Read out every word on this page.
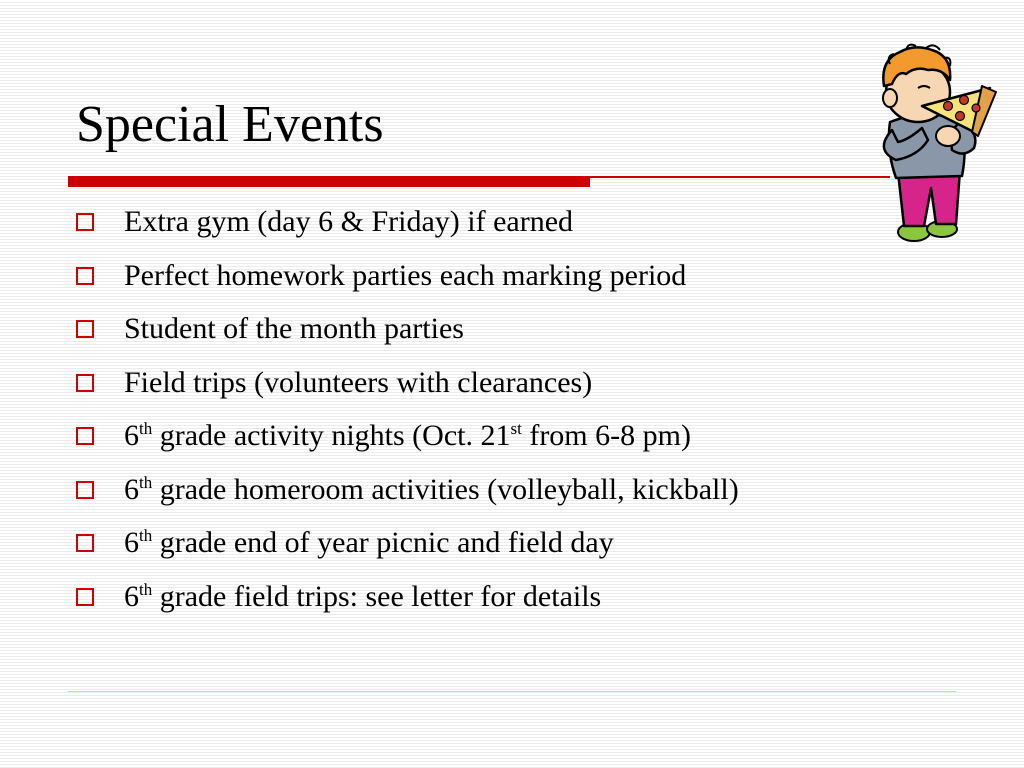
Special Events
Extra gym (day 6 & Friday) if earned
Perfect homework parties each marking period
Student of the month parties
Field trips (volunteers with clearances)
6th grade activity nights (Oct. 21st from 6-8 pm)
6th grade homeroom activities (volleyball, kickball)
6th grade end of year picnic and field day
6th grade field trips: see letter for details
